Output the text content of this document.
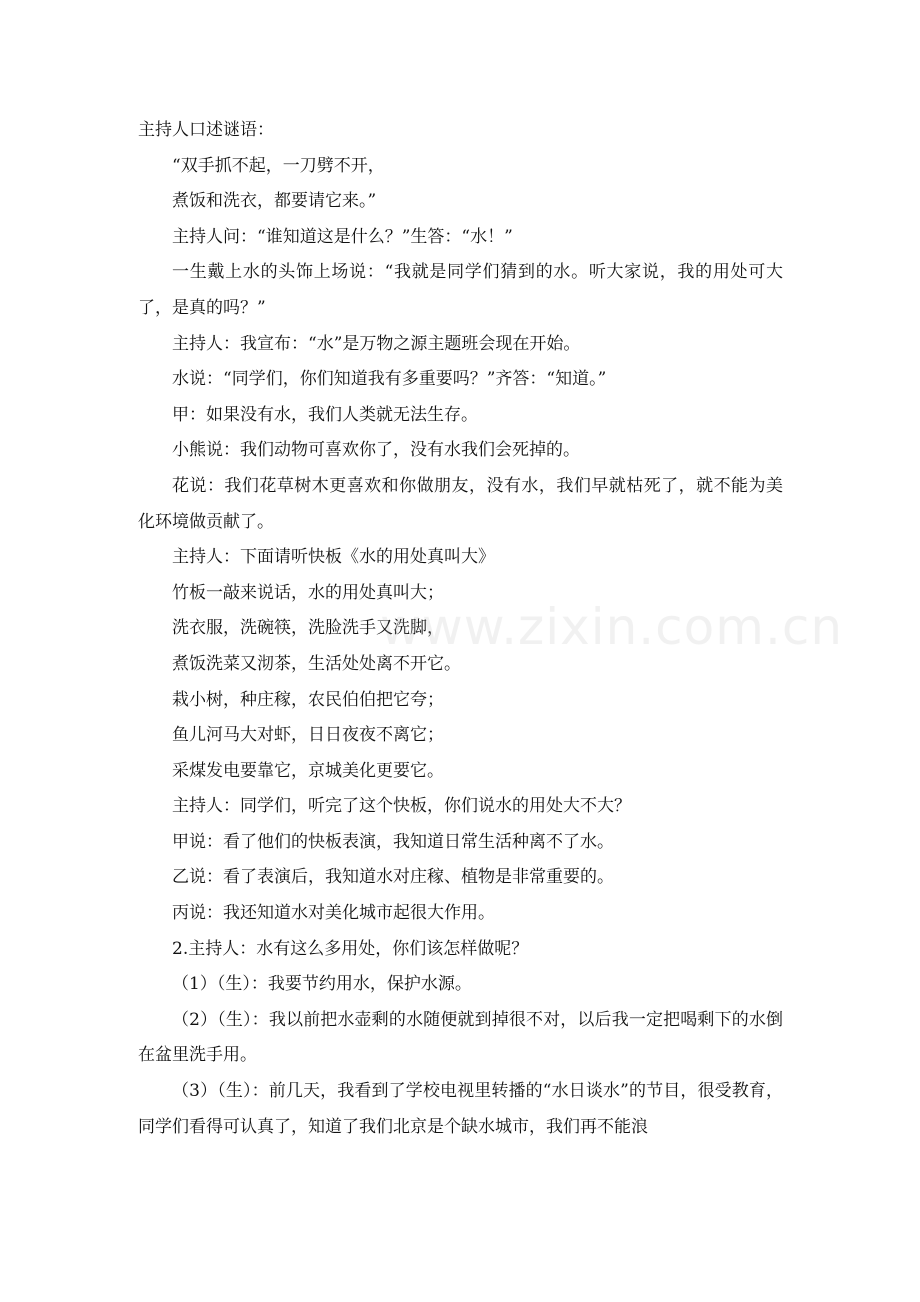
主持人口述谜语：

“双手抓不起，一刀劈不开，

煮饭和洗衣，都要请它来。”

主持人问：“谁知道这是什么？”生答：“水！”

一生戴上水的头饰上场说：“我就是同学们猜到的水。听大家说，我的用处可大了，是真的吗？”

主持人：我宣布：“水”是万物之源主题班会现在开始。

水说：“同学们，你们知道我有多重要吗？”齐答：“知道。”

甲：如果没有水，我们人类就无法生存。

小熊说：我们动物可喜欢你了，没有水我们会死掉的。

花说：我们花草树木更喜欢和你做朋友，没有水，我们早就枯死了，就不能为美化环境做贡献了。

主持人：下面请听快板《水的用处真叫大》

竹板一敲来说话，水的用处真叫大；

洗衣服，洗碗筷，洗脸洗手又洗脚，

煮饭洗菜又沏茶，生活处处离不开它。

栽小树，种庄稼，农民伯伯把它夸；

鱼儿河马大对虾，日日夜夜不离它；

采煤发电要靠它，京城美化更要它。

主持人：同学们，听完了这个快板，你们说水的用处大不大？

甲说：看了他们的快板表演，我知道日常生活种离不了水。

乙说：看了表演后，我知道水对庄稼、植物是非常重要的。

丙说：我还知道水对美化城市起很大作用。

2.主持人：水有这么多用处，你们该怎样做呢？

（1）（生）：我要节约用水，保护水源。

（2）（生）：我以前把水壶剩的水随便就到掉很不对，以后我一定把喝剩下的水倒在盆里洗手用。

（3）（生）：前几天，我看到了学校电视里转播的“水日谈水”的节目，很受教育，同学们看得可认真了，知道了我们北京是个缺水城市，我们再不能浪

www.zixin.com.cn
